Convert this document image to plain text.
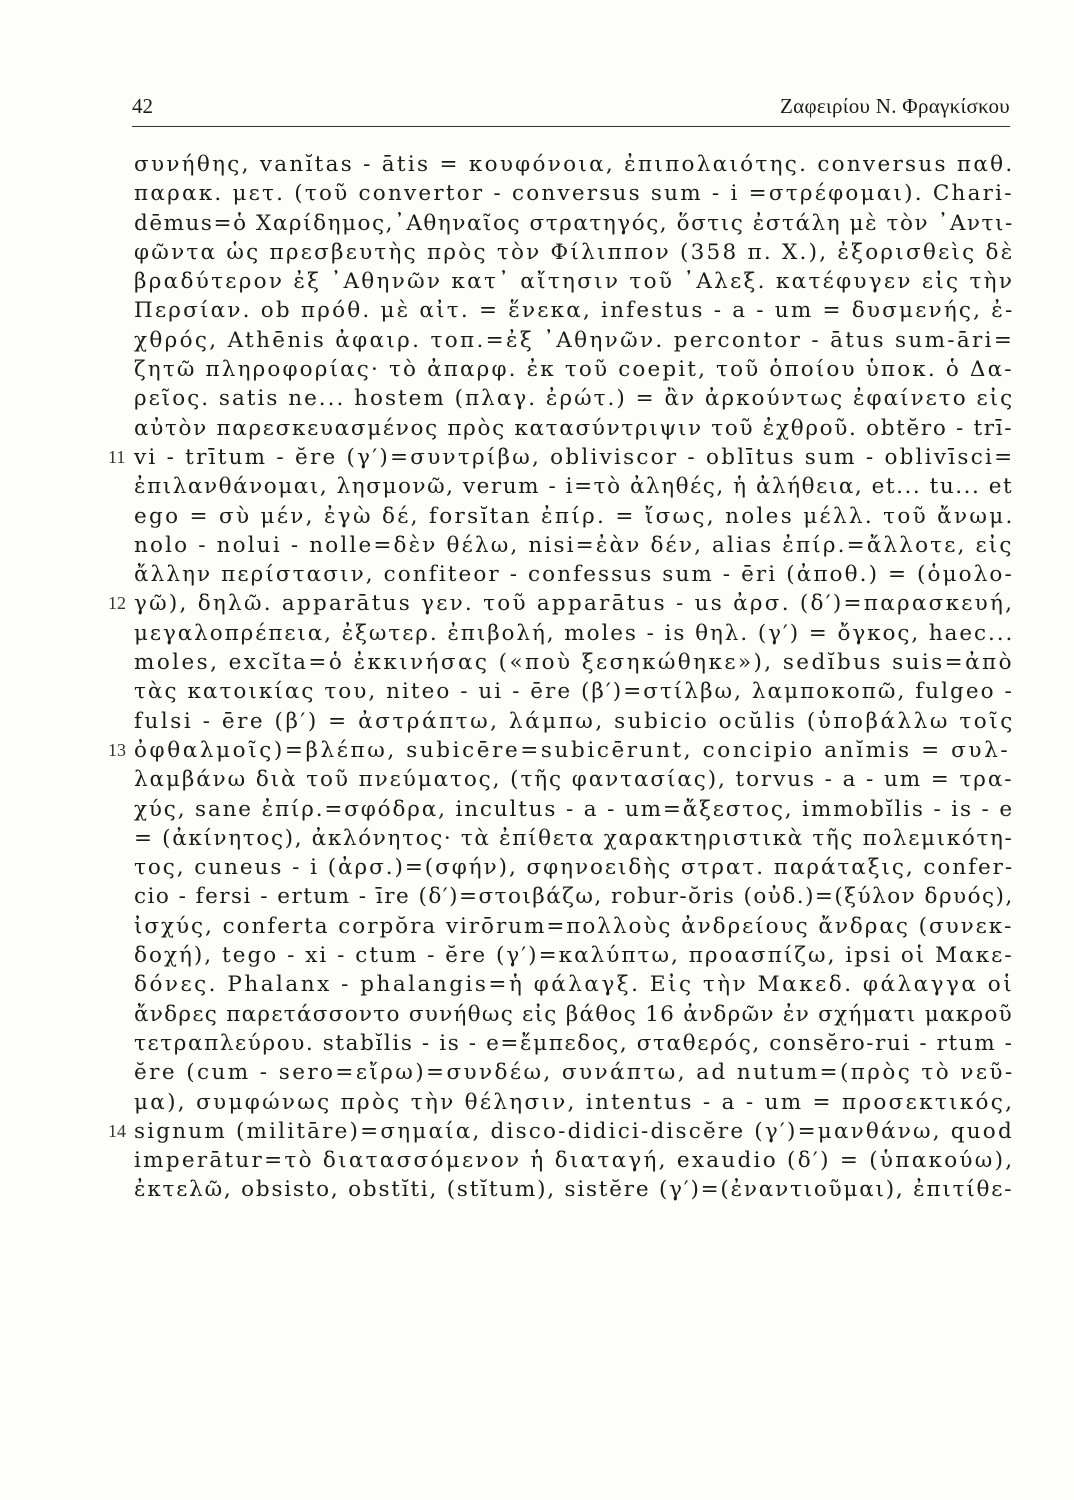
42	Ζαφειρίου Ν. Φραγκίσκου
συνήθης, vanĭtas - ātis = κουφόνοια, ἐπιπολαιότης. conversus παθ.
παρακ. μετ. (τοῦ convertor - conversus sum - i =στρέφομαι). Chari-
dēmus=ὁ Χαρίδημος,᾿Αθηναῖος στρατηγός, ὅστις ἐστάλη μὲ τὸν ᾿Αντι-
φῶντα ὡς πρεσβευτὴς πρὸς τὸν Φίλιππον (358 π. Χ.), ἐξορισθεὶς δὲ
βραδύτερον ἐξ ᾿Αθηνῶν κατ᾿ αἴτησιν τοῦ ᾿Αλεξ. κατέφυγεν εἰς τὴν
Περσίαν. ob πρόθ. μὲ αἰτ. = ἕνεκα, infestus - a - um = δυσμενής, ἐ-
χθρός, Athēnis ἀφαιρ. τοπ.=ἐξ ᾿Αθηνῶν. percontor - ātus sum-āri=
ζητῶ πληροφορίας· τὸ ἀπαρφ. ἐκ τοῦ coepit, τοῦ ὁποίου ὑποκ. ὁ Δα-
ρεῖος. satis ne... hostem (πλαγ. ἐρώτ.) = ἂν ἀρκούντως ἐφαίνετο εἰς
αὐτὸν παρεσκευασμένος πρὸς κατασύντριψιν τοῦ ἐχθροῦ. obtĕro - trī-
11 vi - trītum - ĕre (γ′)=συντρίβω, obliviscor - oblītus sum - oblivīsci=
ἐπιλανθάνομαι, λησμονῶ, verum - i=τὸ ἀληθές, ἡ ἀλήθεια, et... tu... et
ego = σὺ μέν, ἐγὼ δέ, forsĭtan ἐπίρ. = ἴσως, noles μέλλ. τοῦ ἄνωμ.
nolo - nolui - nolle=δὲν θέλω, nisi=ἐὰν δέν, alias ἐπίρ.=ἄλλοτε, εἰς
ἄλλην περίστασιν, confiteor - confessus sum - ēri (ἀποθ.) = (ὁμολο-
12 γῶ), δηλῶ. apparātus γεν. τοῦ apparātus - us ἀρσ. (δ′)=παρασκευή,
μεγαλοπρέπεια, ἐξωτερ. ἐπιβολή, moles - is θηλ. (γ′) = ὄγκος, haec...
moles, excĭta=ὁ ἐκκινήσας («ποὺ ξεσηκώθηκε»), sedĭbus suis=ἀπὸ
τὰς κατοικίας του, niteo - ui - ēre (β′)=στίλβω, λαμποκοπῶ, fulgeo -
fulsi - ēre (β′) = ἀστράπτω, λάμπω, subicio ocŭlis (ὑποβάλλω τοῖς
13 ὀφθαλμοῖς)=βλέπω, subicēre=subicērunt, concipio anĭmis = συλ-
λαμβάνω διὰ τοῦ πνεύματος, (τῆς φαντασίας), torvus - a - um = τρα-
χύς, sane ἐπίρ.=σφόδρα, incultus - a - um=ἄξεστος, immobĭlis - is - e
= (ἀκίνητος), ἀκλόνητος· τὰ ἐπίθετα χαρακτηριστικὰ τῆς πολεμικότη-
τος, cuneus - i (ἀρσ.)=(σφήν), σφηνοειδὴς στρατ. παράταξις, confer-
cio - fersi - ertum - īre (δ′)=στοιβάζω, robur-ŏris (οὐδ.)=(ξύλον δρυός),
ἰσχύς, conferta corpŏra virōrum=πολλοὺς ἀνδρείους ἄνδρας (συνεκ-
δοχή), tego - xi - ctum - ĕre (γ′)=καλύπτω, προασπίζω, ipsi οἱ Μακε-
δόνες. Phalanx - phalangis=ἡ φάλαγξ. Εἰς τὴν Μακεδ. φάλαγγα οἱ
ἄνδρες παρετάσσοντο συνήθως εἰς βάθος 16 ἀνδρῶν ἐν σχήματι μακροῦ
τετραπλεύρου. stabĭlis - is - e=ἔμπεδος, σταθερός, consĕro-rui - rtum -
ĕre (cum - sero=εἴρω)=συνδέω, συνάπτω, ad nutum=(πρὸς τὸ νεῦ-
μα), συμφώνως πρὸς τὴν θέλησιν, intentus - a - um = προσεκτικός,
14 signum (militāre)=σημαία, disco-didici-discĕre (γ′)=μανθάνω, quod
imperātur=τὸ διατασσόμενον ἡ διαταγή, exaudio (δ′) = (ὑπακούω),
ἐκτελῶ, obsisto, obstĭti, (stĭtum), sistĕre (γ′)=(ἐναντιοῦμαι), ἐπιτίθε-
